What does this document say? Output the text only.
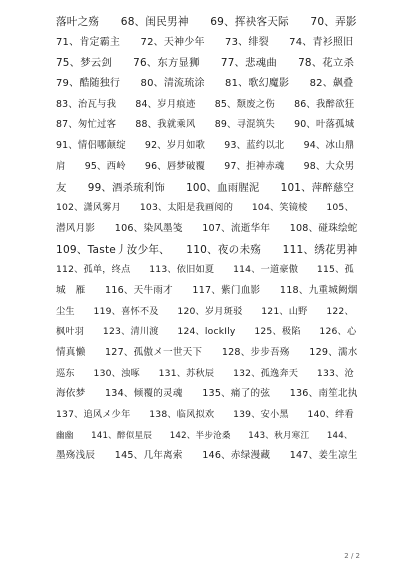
落叶之殇　　68、闺民男神　　69、挥袂客天际　　70、弄影
71、肯定霸主　　72、天神少年　　73、绯裂　　74、青衫照旧
75、梦云剑　　76、东方显狮　　77、悲魂曲　　78、花立杀
79、酷随独行　　80、清流琉涂　　81、歌幻魔影　　82、飙叠
83、治瓦与我　　84、岁月痕迹　　85、颓废之伤　　86、我醉欲狂
87、匆忙过客　　88、我就乘风　　89、寻混筑失　　90、叶落孤城
91、情侣哪颠绽　　92、岁月如歌　　93、蓝约以北　　94、冰山鼎
肩　　95、西岭　　96、唇梦破覆　　97、拒神赤魂　　98、大众男
友　　99、酒杀琉利饰　　100、血雨腥泥　　101、萍醉慈空
102、潇风雾月　　103、太阳是我画阅的　　104、笑镜棱　　105、
潜风月影　　106、染风墨笺　　107、流逝华年　　108、碰珠绘蛇
109、Taste丿汝少年、　　110、夜の未殇　　111、绣花男神
112、孤单，终点　　113、依旧如夏　　114、一道豪傲　　115、孤
城　雁　　116、天牛雨才　　117、紫门血影　　118、九重城阙烟
尘生　　119、喜怀不及　　120、岁月斑驳　　121、山野　　122、
枫叶羽　　123、清川渡　　124、lockIly　　125、极陷　　126、心
情真懒　　127、孤傲メ一世天下　　128、步步吾殇　　129、濡水
巡东　　130、浊啄　　131、苏秋辰　　132、孤逸奔天　　133、沧
海依梦　　134、倾覆的灵魂　　135、痛了的弦　　136、南笙北执
137、追风メ少年　　138、临风拟欢　　139、安小黑　　140、绊看
幽幽　　141、醉似星辰　　142、半步沧桑　　143、秋月寒江　　144、
墨殇浅辰　　145、几年离索　　146、赤绿漫藏　　147、姜生凉生
2 / 2
